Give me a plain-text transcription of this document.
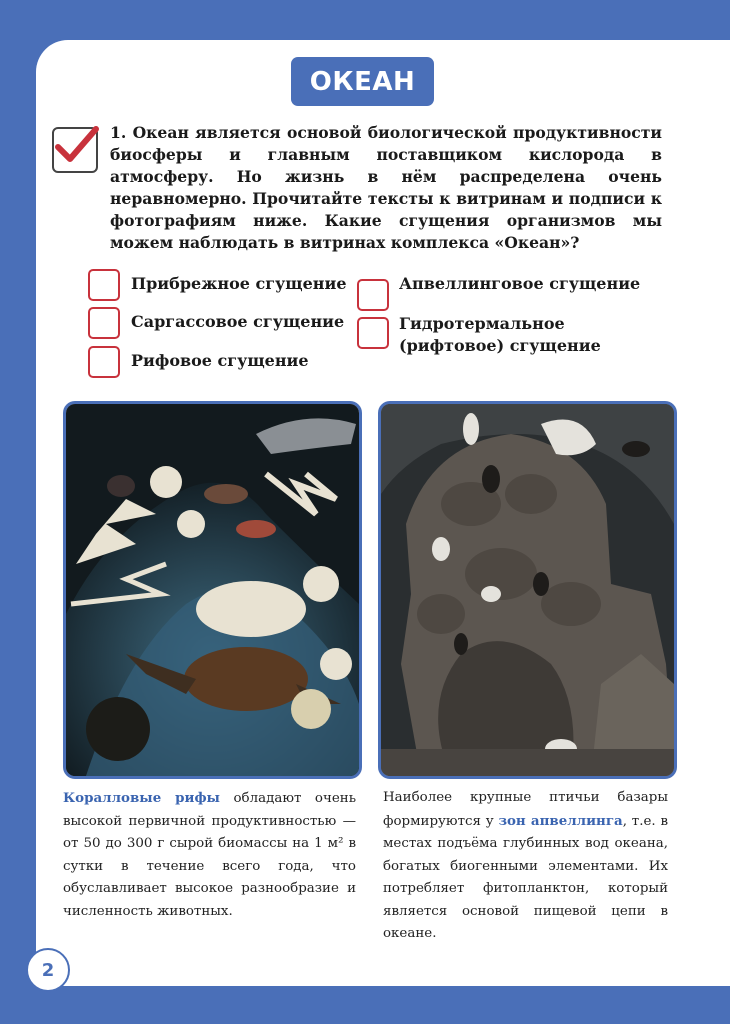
ОКЕАН
1. Океан является основой биологической продуктивности биосферы и главным поставщиком кислорода в атмосферу. Но жизнь в нём распределена очень неравномерно. Прочитайте тексты к витринам и подписи к фотографиям ниже. Какие сгущения организмов мы можем наблюдать в витринах комплекса «Океан»?
Прибрежное сгущение
Саргассовое сгущение
Рифовое сгущение
Апвеллинговое сгущение
Гидротермальное (рифтовое) сгущение
Коралловые рифы обладают очень высокой первичной продуктивностью — от 50 до 300 г сырой биомассы на 1 м² в сутки в течение всего года, что обуславливает высокое разнообразие и численность животных.
Наиболее крупные птичьи базары формируются у зон апвеллинга, т.е. в местах подъёма глубинных вод океана, богатых биогенными элементами. Их потребляет фитопланктон, который является основой пищевой цепи в океане.
2
